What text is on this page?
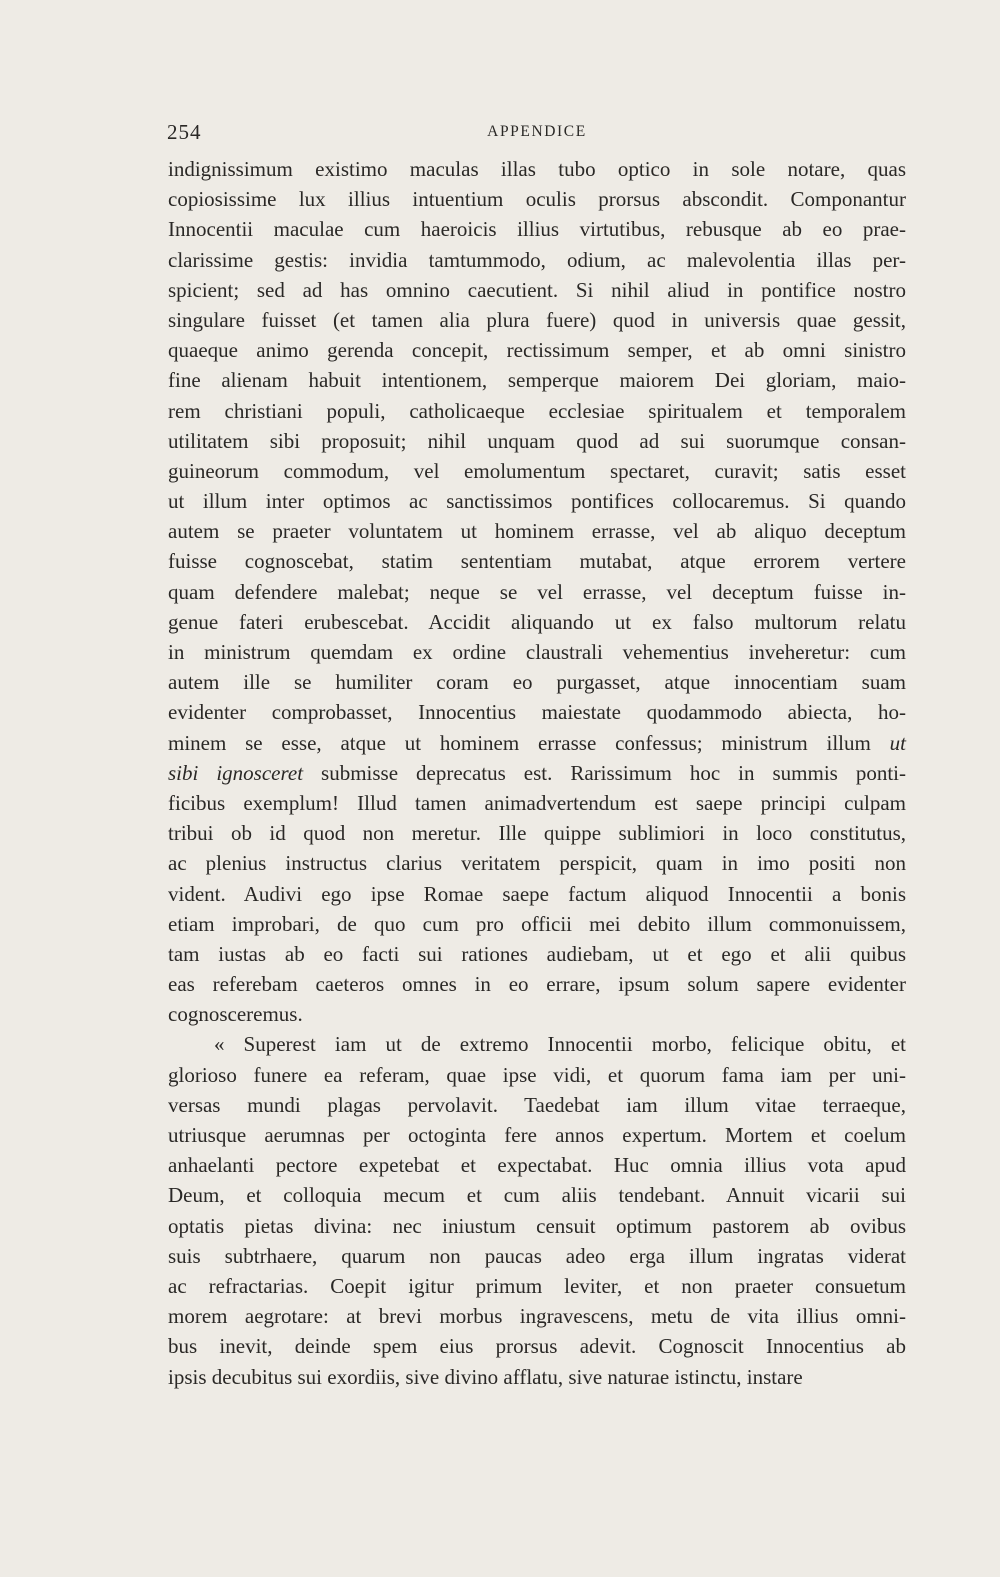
254	APPENDICE
indignissimum existimo maculas illas tubo optico in sole notare, quas
copiosissime lux illius intuentium oculis prorsus abscondit. Componantur
Innocentii maculae cum haeroicis illius virtutibus, rebusque ab eo prae-
clarissime gestis: invidia tamtummodo, odium, ac malevolentia illas per-
spicient; sed ad has omnino caecutient. Si nihil aliud in pontifice nostro
singulare fuisset (et tamen alia plura fuere) quod in universis quae gessit,
quaeque animo gerenda concepit, rectissimum semper, et ab omni sinistro
fine alienam habuit intentionem, semperque maiorem Dei gloriam, maio-
rem christiani populi, catholicaeque ecclesiae spiritualem et temporalem
utilitatem sibi proposuit; nihil unquam quod ad sui suorumque consan-
guineorum commodum, vel emolumentum spectaret, curavit; satis esset
ut illum inter optimos ac sanctissimos pontifices collocaremus. Si quando
autem se praeter voluntatem ut hominem errasse, vel ab aliquo deceptum
fuisse cognoscebat, statim sententiam mutabat, atque errorem vertere
quam defendere malebat; neque se vel errasse, vel deceptum fuisse in-
genue fateri erubescebat. Accidit aliquando ut ex falso multorum relatu
in ministrum quemdam ex ordine claustrali vehementius inveheretur: cum
autem ille se humiliter coram eo purgasset, atque innocentiam suam
evidenter comprobasset, Innocentius maiestate quodammodo abiecta, ho-
minem se esse, atque ut hominem errasse confessus; ministrum illum ut
sibi ignosceret submisse deprecatus est. Rarissimum hoc in summis ponti-
ficibus exemplum! Illud tamen animadvertendum est saepe principi culpam
tribui ob id quod non meretur. Ille quippe sublimiori in loco constitutus,
ac plenius instructus clarius veritatem perspicit, quam in imo positi non
vident. Audivi ego ipse Romae saepe factum aliquod Innocentii a bonis
etiam improbari, de quo cum pro officii mei debito illum commonuissem,
tam iustas ab eo facti sui rationes audiebam, ut et ego et alii quibus
eas referebam caeteros omnes in eo errare, ipsum solum sapere evidenter
cognosceremus.
« Superest iam ut de extremo Innocentii morbo, felicique obitu, et
glorioso funere ea referam, quae ipse vidi, et quorum fama iam per uni-
versas mundi plagas pervolavit. Taedebat iam illum vitae terraeque,
utriusque aerumnas per octoginta fere annos expertum. Mortem et coelum
anhaelanti pectore expetebat et expectabat. Huc omnia illius vota apud
Deum, et colloquia mecum et cum aliis tendebant. Annuit vicarii sui
optatis pietas divina: nec iniustum censuit optimum pastorem ab ovibus
suis subtrhaere, quarum non paucas adeo erga illum ingratas viderat
ac refractarias. Coepit igitur primum leviter, et non praeter consuetum
morem aegrotare: at brevi morbus ingravescens, metu de vita illius omni-
bus inevit, deinde spem eius prorsus adevit. Cognoscit Innocentius ab
ipsis decubitus sui exordiis, sive divino afflatu, sive naturae istinctu, instare
